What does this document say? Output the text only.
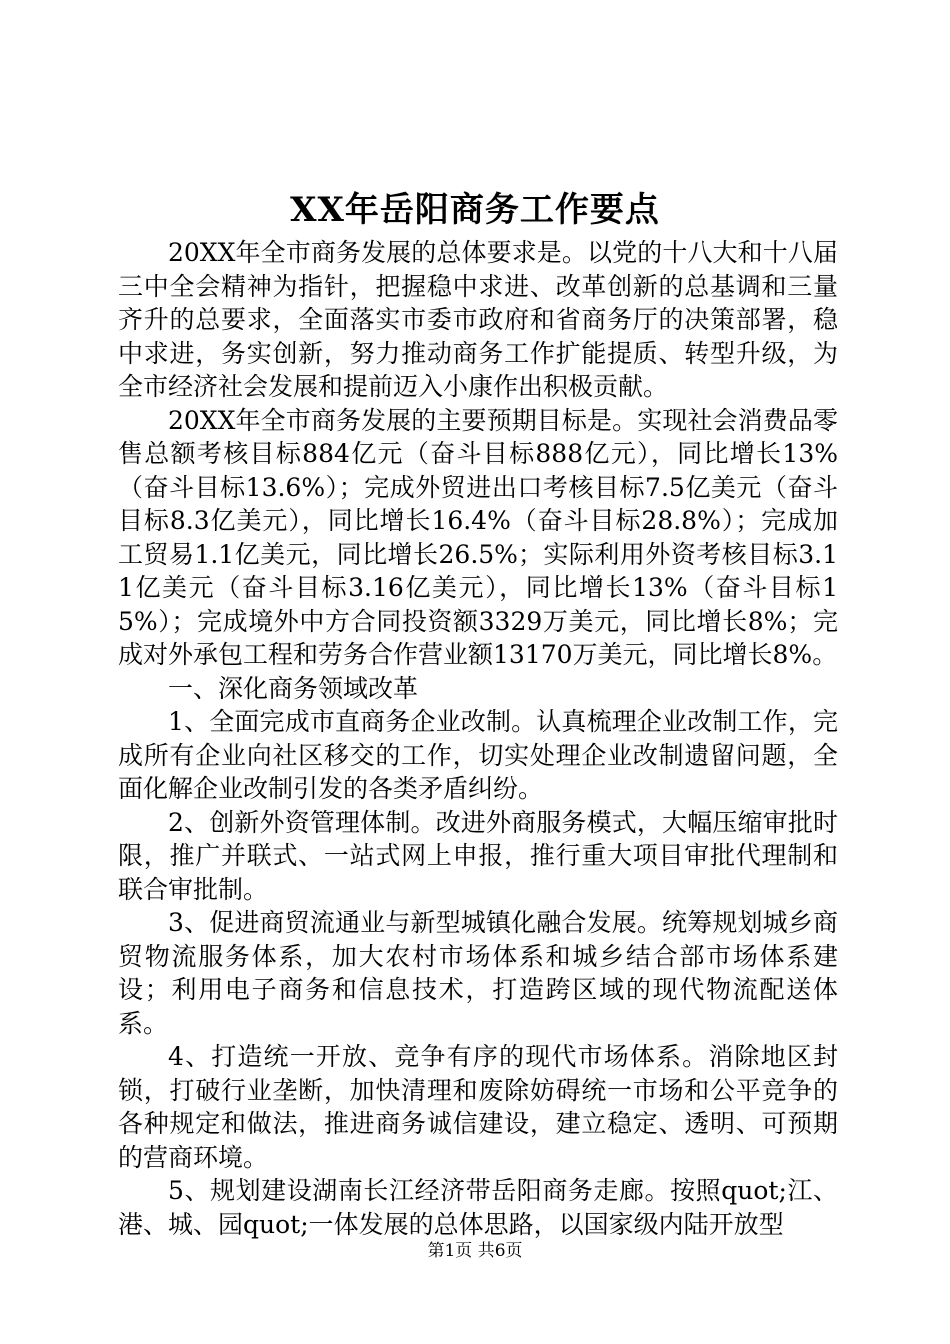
XX年岳阳商务工作要点

20XX年全市商务发展的总体要求是。以党的十八大和十八届三中全会精神为指针，把握稳中求进、改革创新的总基调和三量齐升的总要求，全面落实市委市政府和省商务厅的决策部署，稳中求进，务实创新，努力推动商务工作扩能提质、转型升级，为全市经济社会发展和提前迈入小康作出积极贡献。

20XX年全市商务发展的主要预期目标是。实现社会消费品零售总额考核目标884亿元（奋斗目标888亿元），同比增长13%（奋斗目标13.6%）；完成外贸进出口考核目标7.5亿美元（奋斗目标8.3亿美元），同比增长16.4%（奋斗目标28.8%）；完成加工贸易1.1亿美元，同比增长26.5%；实际利用外资考核目标3.11亿美元（奋斗目标3.16亿美元），同比增长13%（奋斗目标15%）；完成境外中方合同投资额3329万美元，同比增长8%；完成对外承包工程和劳务合作营业额13170万美元，同比增长8%。

一、深化商务领域改革

1、全面完成市直商务企业改制。认真梳理企业改制工作，完成所有企业向社区移交的工作，切实处理企业改制遗留问题，全面化解企业改制引发的各类矛盾纠纷。

2、创新外资管理体制。改进外商服务模式，大幅压缩审批时限，推广并联式、一站式网上申报，推行重大项目审批代理制和联合审批制。

3、促进商贸流通业与新型城镇化融合发展。统筹规划城乡商贸物流服务体系，加大农村市场体系和城乡结合部市场体系建设；利用电子商务和信息技术，打造跨区域的现代物流配送体系。

4、打造统一开放、竞争有序的现代市场体系。消除地区封锁，打破行业垄断，加快清理和废除妨碍统一市场和公平竞争的各种规定和做法，推进商务诚信建设，建立稳定、透明、可预期的营商环境。

5、规划建设湖南长江经济带岳阳商务走廊。按照quot;江、港、城、园quot;一体发展的总体思路，以国家级内陆开放型

第1页 共6页
